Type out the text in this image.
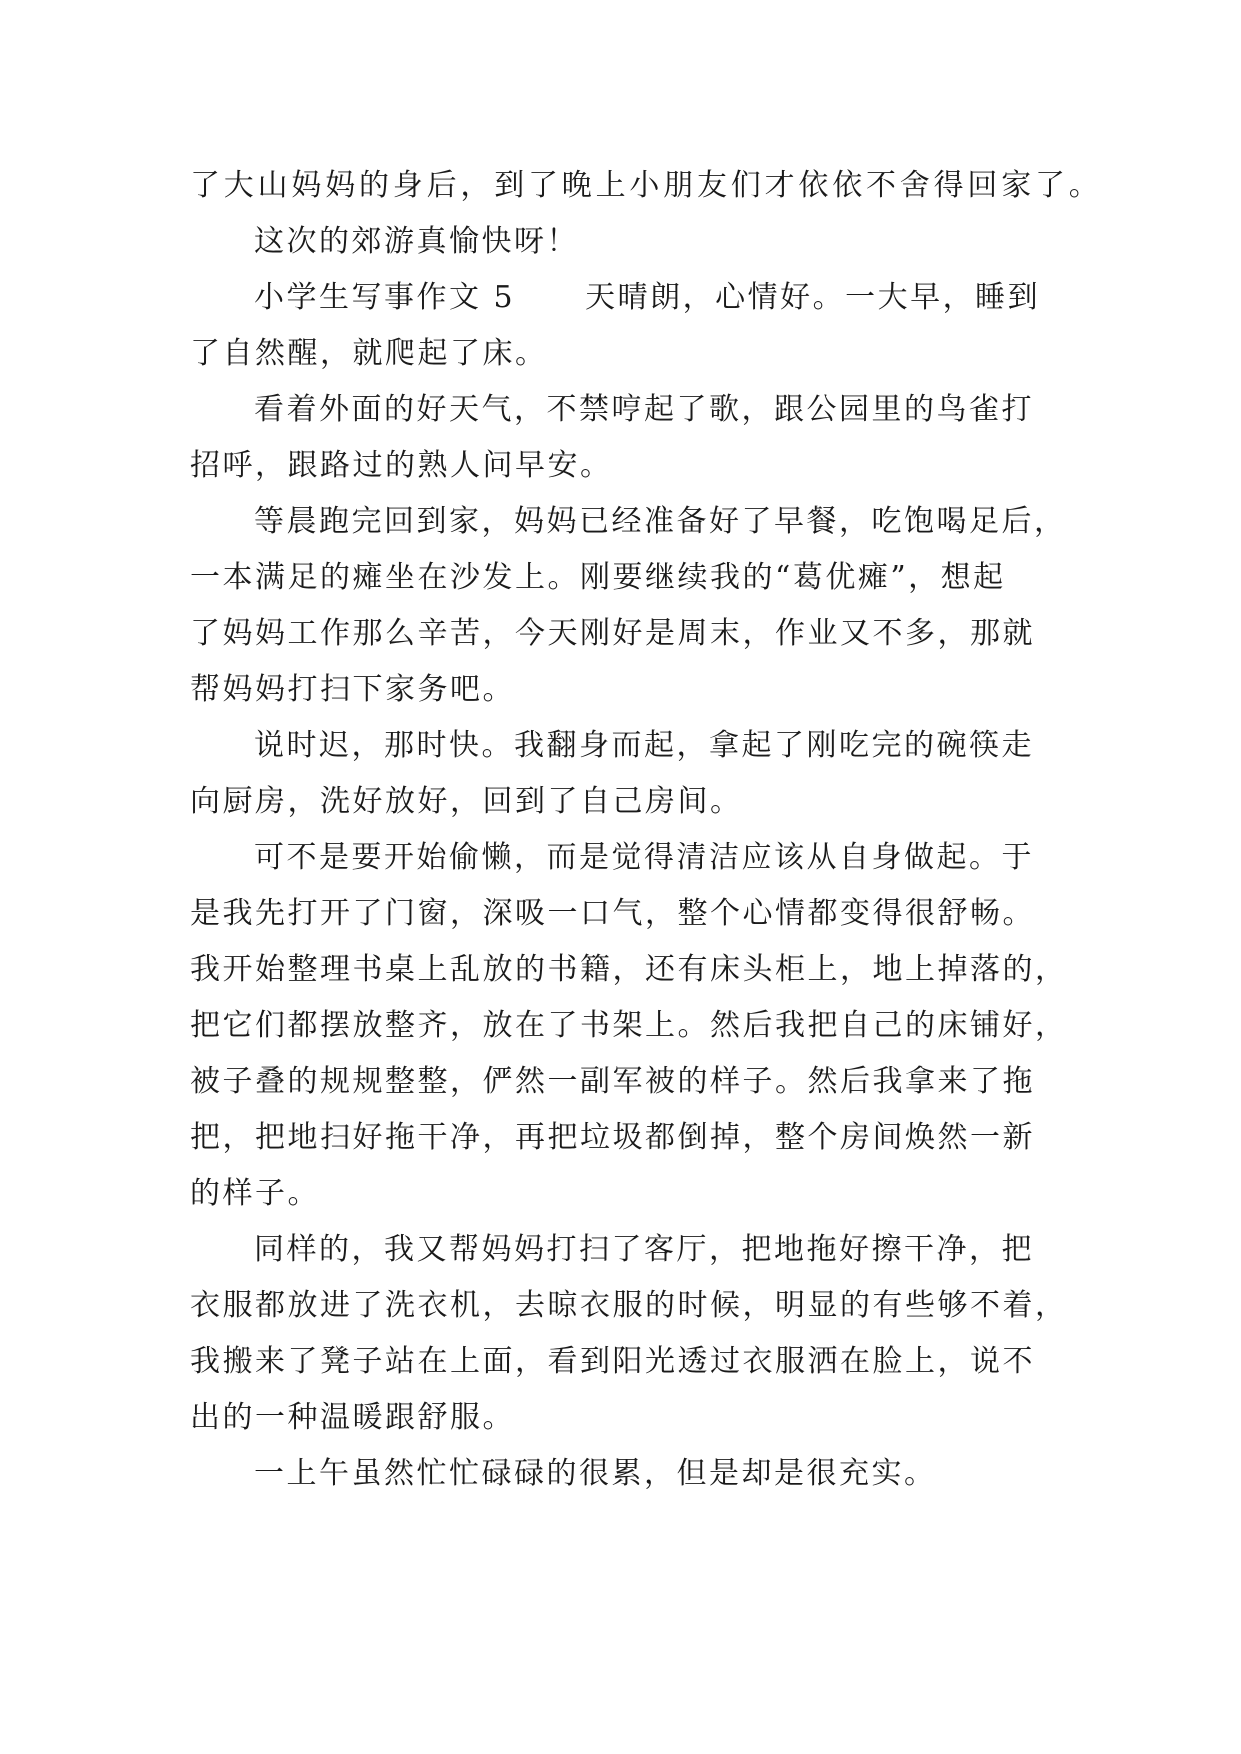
了大山妈妈的身后，到了晚上小朋友们才依依不舍得回家了。
这次的郊游真愉快呀！
小学生写事作文 5 天晴朗，心情好。一大早，睡到
了自然醒，就爬起了床。
看着外面的好天气，不禁哼起了歌，跟公园里的鸟雀打
招呼，跟路过的熟人问早安。
等晨跑完回到家，妈妈已经准备好了早餐，吃饱喝足后，
一本满足的瘫坐在沙发上。刚要继续我的“葛优瘫”，想起
了妈妈工作那么辛苦，今天刚好是周末，作业又不多，那就
帮妈妈打扫下家务吧。
说时迟，那时快。我翻身而起，拿起了刚吃完的碗筷走
向厨房，洗好放好，回到了自己房间。
可不是要开始偷懒，而是觉得清洁应该从自身做起。于
是我先打开了门窗，深吸一口气，整个心情都变得很舒畅。
我开始整理书桌上乱放的书籍，还有床头柜上，地上掉落的，
把它们都摆放整齐，放在了书架上。然后我把自己的床铺好，
被子叠的规规整整，俨然一副军被的样子。然后我拿来了拖
把，把地扫好拖干净，再把垃圾都倒掉，整个房间焕然一新
的样子。
同样的，我又帮妈妈打扫了客厅，把地拖好擦干净，把
衣服都放进了洗衣机，去晾衣服的时候，明显的有些够不着，
我搬来了凳子站在上面，看到阳光透过衣服洒在脸上，说不
出的一种温暖跟舒服。
一上午虽然忙忙碌碌的很累，但是却是很充实。
